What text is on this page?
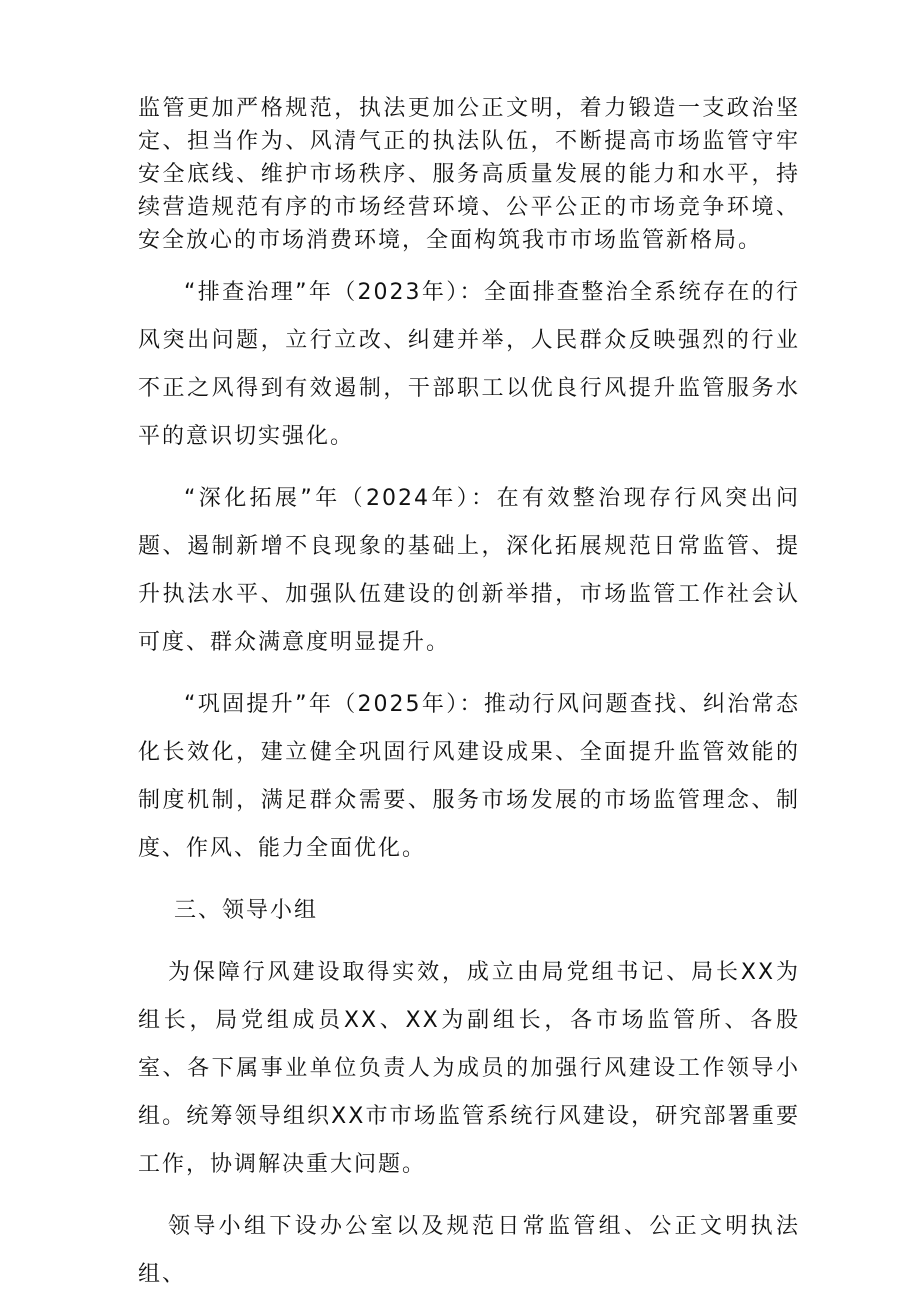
监管更加严格规范，执法更加公正文明，着力锻造一支政治坚定、担当作为、风清气正的执法队伍，不断提高市场监管守牢安全底线、维护市场秩序、服务高质量发展的能力和水平，持续营造规范有序的市场经营环境、公平公正的市场竞争环境、安全放心的市场消费环境，全面构筑我市市场监管新格局。

“排查治理”年（2023年）：全面排查整治全系统存在的行风突出问题，立行立改、纠建并举，人民群众反映强烈的行业不正之风得到有效遏制，干部职工以优良行风提升监管服务水平的意识切实强化。

“深化拓展”年（2024年）：在有效整治现存行风突出问题、遏制新增不良现象的基础上，深化拓展规范日常监管、提升执法水平、加强队伍建设的创新举措，市场监管工作社会认可度、群众满意度明显提升。

“巩固提升”年（2025年）：推动行风问题查找、纠治常态化长效化，建立健全巩固行风建设成果、全面提升监管效能的制度机制，满足群众需要、服务市场发展的市场监管理念、制度、作风、能力全面优化。

三、领导小组

为保障行风建设取得实效，成立由局党组书记、局长XX为组长，局党组成员XX、XX为副组长，各市场监管所、各股室、各下属事业单位负责人为成员的加强行风建设工作领导小组。统筹领导组织XX市市场监管系统行风建设，研究部署重要工作，协调解决重大问题。

领导小组下设办公室以及规范日常监管组、公正文明执法组、
